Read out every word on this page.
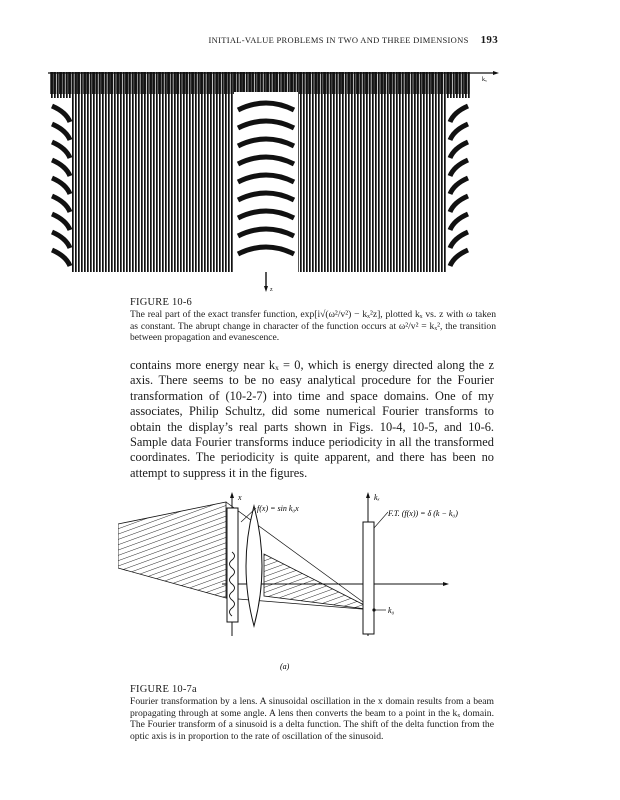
INITIAL-VALUE PROBLEMS IN TWO AND THREE DIMENSIONS 193
kₓ
z
FIGURE 10-6
The real part of the exact transfer function, exp[i√(ω²/v²) − kₓ²z], plotted kₓ vs. z with ω taken as constant. The abrupt change in character of the function occurs at ω²/v² = kₓ², the transition between propagation and evanescence.
contains more energy near kₓ = 0, which is energy directed along the z axis. There seems to be no easy analytical procedure for the Fourier transformation of (10-2-7) into time and space domains. One of my associates, Philip Schultz, did some numerical Fourier transforms to obtain the display’s real parts shown in Figs. 10-4, 10-5, and 10-6. Sample data Fourier transforms induce periodicity in all the transformed coordinates. The periodicity is quite apparent, and there has been no attempt to suppress it in the figures.
x
f(x) = sin k₀x
kₓ
F.T. (f(x)) = δ (k − k₀)
k₀
(a)
FIGURE 10-7a
Fourier transformation by a lens. A sinusoidal oscillation in the x domain results from a beam propagating through at some angle. A lens then converts the beam to a point in the kₓ domain. The Fourier transform of a sinusoid is a delta function. The shift of the delta function from the optic axis is in proportion to the rate of oscillation of the sinusoid.
